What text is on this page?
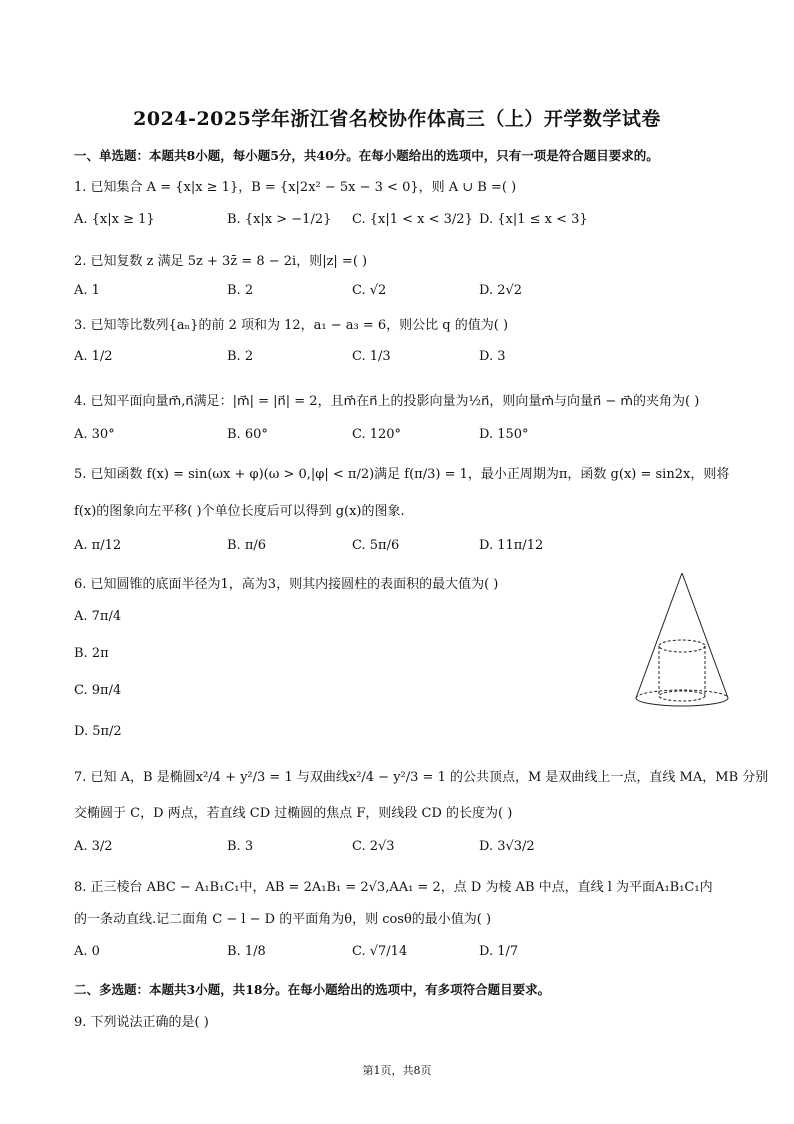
2024-2025学年浙江省名校协作体高三（上）开学数学试卷
一、单选题：本题共8小题，每小题5分，共40分。在每小题给出的选项中，只有一项是符合题目要求的。
1. 已知集合 A = {x|x ≥ 1}，B = {x|2x² − 5x − 3 < 0}，则 A ∪ B =( )
A. {x|x ≥ 1}	B. {x|x > −1/2} C. {x|1 < x < 3/2} D. {x|1 ≤ x < 3}
2. 已知复数 z 满足 5z + 3z̄ = 8 − 2i，则|z| =( )
A. 1	B. 2	C. √2	D. 2√2
3. 已知等比数列{aₙ}的前 2 项和为 12，a₁ − a₃ = 6，则公比 q 的值为( )
A. 1/2	B. 2	C. 1/3	D. 3
4. 已知平面向量m⃗,n⃗满足：|m⃗| = |n⃗| = 2，且m⃗在n⃗上的投影向量为½n⃗，则向量m⃗与向量n⃗ − m⃗的夹角为( )
A. 30°	B. 60°	C. 120°	D. 150°
5. 已知函数 f(x) = sin(ωx + φ)(ω > 0,|φ| < π/2)满足 f(π/3) = 1，最小正周期为π，函数 g(x) = sin2x，则将
f(x)的图象向左平移( )个单位长度后可以得到 g(x)的图象.
A. π/12	B. π/6	C. 5π/6	D. 11π/12
6. 已知圆锥的底面半径为1，高为3，则其内接圆柱的表面积的最大值为( )
A. 7π/4
B. 2π
C. 9π/4
D. 5π/2
7. 已知 A，B 是椭圆x²/4 + y²/3 = 1 与双曲线x²/4 − y²/3 = 1 的公共顶点，M 是双曲线上一点，直线 MA，MB 分别
交椭圆于 C，D 两点，若直线 CD 过椭圆的焦点 F，则线段 CD 的长度为( )
A. 3/2	B. 3	C. 2√3	D. 3√3/2
8. 正三棱台 ABC − A₁B₁C₁中，AB = 2A₁B₁ = 2√3,AA₁ = 2，点 D 为棱 AB 中点，直线 l 为平面A₁B₁C₁内
的一条动直线.记二面角 C − l − D 的平面角为θ，则 cosθ的最小值为( )
A. 0	B. 1/8	C. √7/14	D. 1/7
二、多选题：本题共3小题，共18分。在每小题给出的选项中，有多项符合题目要求。
9. 下列说法正确的是( )
第1页，共8页
